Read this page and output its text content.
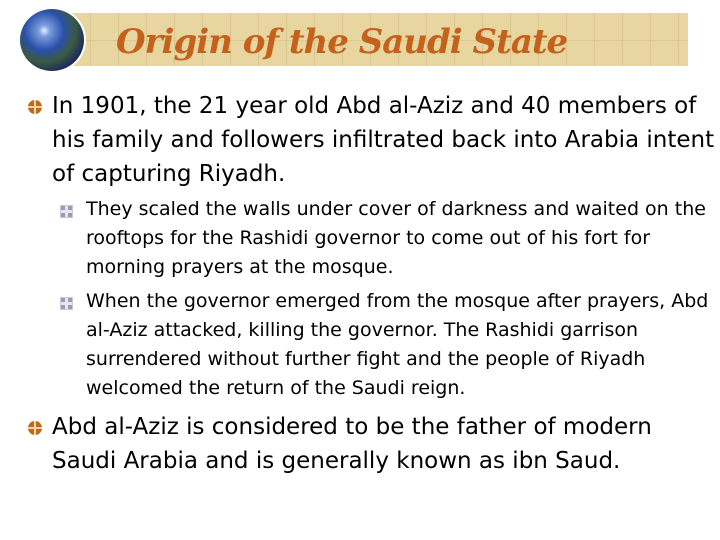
Origin of the Saudi State
In 1901, the 21 year old Abd al-Aziz and 40 members of his family and followers infiltrated back into Arabia intent of capturing Riyadh.
They scaled the walls under cover of darkness and waited on the rooftops for the Rashidi governor to come out of his fort for morning prayers at the mosque.
When the governor emerged from the mosque after prayers, Abd al-Aziz attacked, killing the governor. The Rashidi garrison surrendered without further fight and the people of Riyadh welcomed the return of the Saudi reign.
Abd al-Aziz is considered to be the father of modern Saudi Arabia and is generally known as ibn Saud.
